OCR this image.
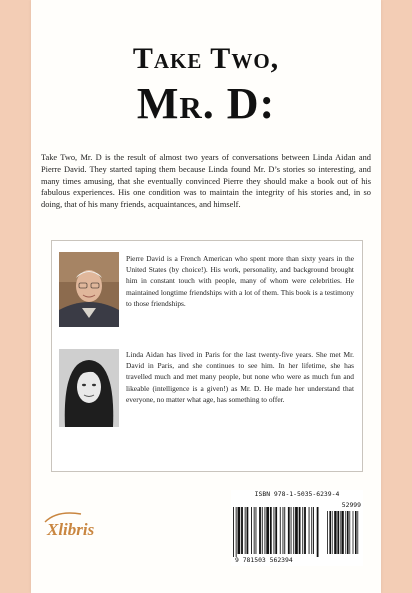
Take Two,
Mr. D:

Take Two, Mr. D is the result of almost two years of conversations between Linda Aidan and Pierre David. They started taping them because Linda found Mr. D’s stories so interesting, and many times amusing, that she eventually convinced Pierre they should make a book out of his fabulous experiences. His one condition was to maintain the integrity of his stories and, in so doing, that of his many friends, acquaintances, and himself.

Pierre David is a French American who spent more than sixty years in the United States (by choice!). His work, personality, and background brought him in constant touch with people, many of whom were celebrities. He maintained longtime friendships with a lot of them. This book is a testimony to those friendships.

Linda Aidan has lived in Paris for the last twenty-five years. She met Mr. David in Paris, and she continues to see him. In her lifetime, she has travelled much and met many people, but none who were as much fun and likeable (intelligence is a given!) as Mr. D. He made her understand that everyone, no matter what age, has something to offer.

Xlibris
ISBN 978-1-5035-6239-4
52999
9 781503 562394
